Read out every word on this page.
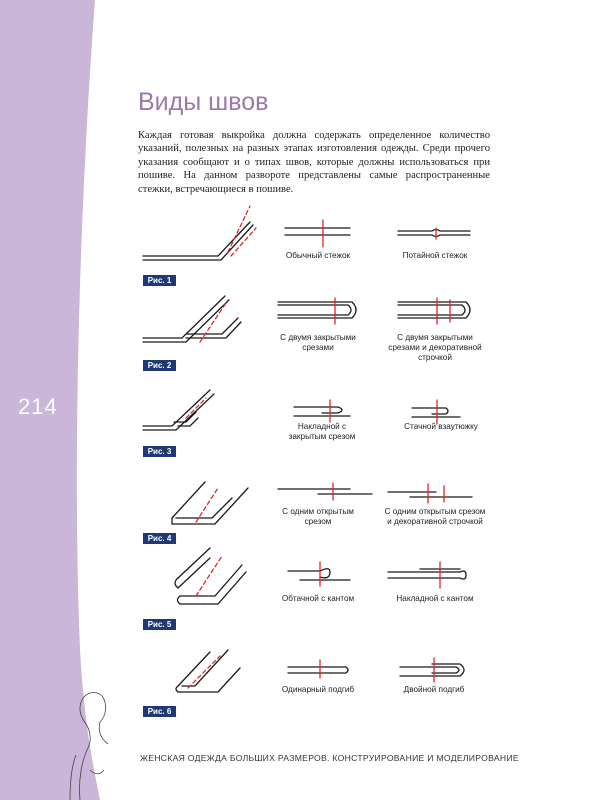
214
Виды швов

Каждая готовая выкройка должна содержать определенное количество указаний, полезных на разных этапах изготовления одежды. Среди прочего указания сообщают и о типах швов, которые должны использоваться при пошиве. На данном развороте представлены самые распространенные стежки, встречающиеся в пошиве.

Рис. 1
Рис. 2
Рис. 3
Рис. 4
Рис. 5
Рис. 6
Обычный стежок	Потайной стежок
С двумя закрытыми срезами
С двумя закрытыми срезами и декоративной строчкой
Накладной с закрытым срезом
Стачной взаутюжку
С одним открытым срезом
С одним открытым срезом и декоративной строчкой
Обтачной с кантом	Накладной с кантом
Одинарный подгиб	Двойной подгиб
ЖЕНСКАЯ ОДЕЖДА БОЛЬШИХ РАЗМЕРОВ. КОНСТРУИРОВАНИЕ И МОДЕЛИРОВАНИЕ
